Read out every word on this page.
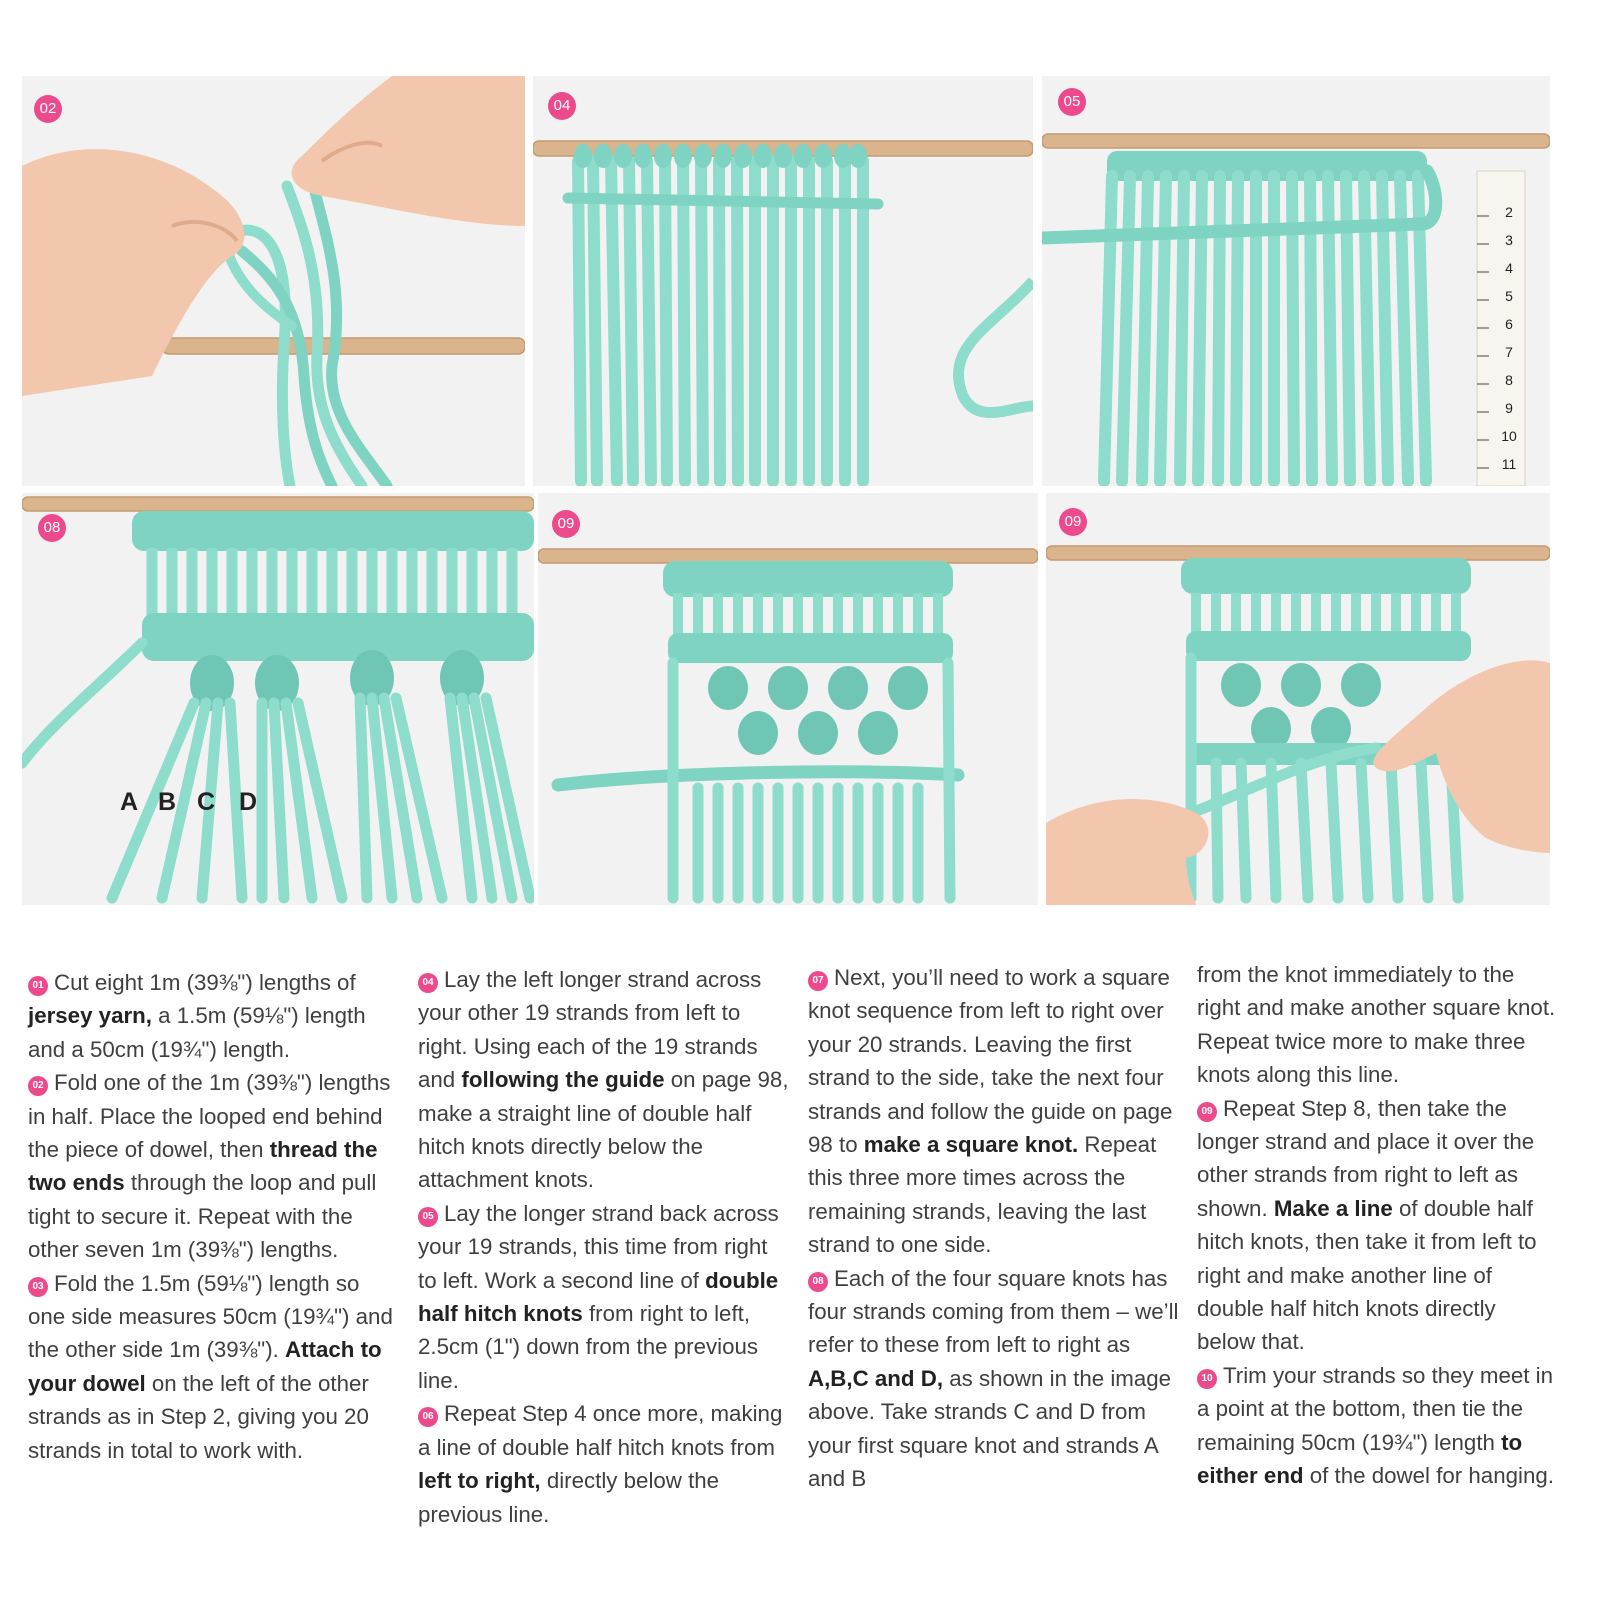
2
3
4
5
6
7
8
9
10
11
02	04	05
08	09	09
A B C D

01 Cut eight 1m (39⅜") lengths of jersey yarn, a 1.5m (59⅛") length and a 50cm (19¾") length.

02 Fold one of the 1m (39⅜") lengths in half. Place the looped end behind the piece of dowel, then thread the two ends through the loop and pull tight to secure it. Repeat with the other seven 1m (39⅜") lengths.

03 Fold the 1.5m (59⅛") length so one side measures 50cm (19¾") and the other side 1m (39⅜"). Attach to your dowel on the left of the other strands as in Step 2, giving you 20 strands in total to work with.

04 Lay the left longer strand across your other 19 strands from left to right. Using each of the 19 strands and following the guide on page 98, make a straight line of double half hitch knots directly below the attachment knots.

05 Lay the longer strand back across your 19 strands, this time from right to left. Work a second line of double half hitch knots from right to left, 2.5cm (1") down from the previous line.

06 Repeat Step 4 once more, making a line of double half hitch knots from left to right, directly below the previous line.

07 Next, you’ll need to work a square knot sequence from left to right over your 20 strands. Leaving the first strand to the side, take the next four strands and follow the guide on page 98 to make a square knot. Repeat this three more times across the remaining strands, leaving the last strand to one side.

08 Each of the four square knots has four strands coming from them – we’ll refer to these from left to right as A,B,C and D, as shown in the image above. Take strands C and D from your first square knot and strands A and B

from the knot immediately to the right and make another square knot. Repeat twice more to make three knots along this line.

09 Repeat Step 8, then take the longer strand and place it over the other strands from right to left as shown. Make a line of double half hitch knots, then take it from left to right and make another line of double half hitch knots directly below that.

10 Trim your strands so they meet in a point at the bottom, then tie the remaining 50cm (19¾") length to either end of the dowel for hanging.
